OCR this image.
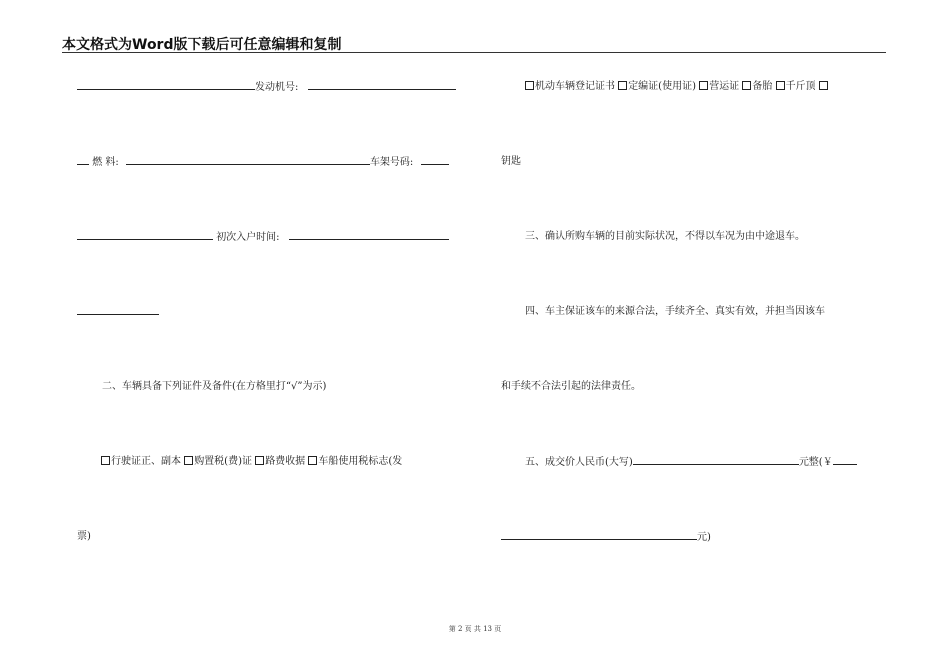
本文格式为Word版下载后可任意编辑和复制
发动机号:
燃 料:	车架号码:
初次入户时间:
二、车辆具备下列证件及备件(在方格里打“√”为示)
行驶证正、副本 购置税(费)证 路费收据 车船使用税标志(发
票)
机动车辆登记证书 定编证(使用证) 营运证 备胎 千斤顶
钥匙
三、确认所购车辆的目前实际状况，不得以车况为由中途退车。
四、车主保证该车的来源合法，手续齐全、真实有效，并担当因该车
和手续不合法引起的法律责任。
五、成交价人民币(大写)	元整(￥
元)
第 2 页 共 13 页
